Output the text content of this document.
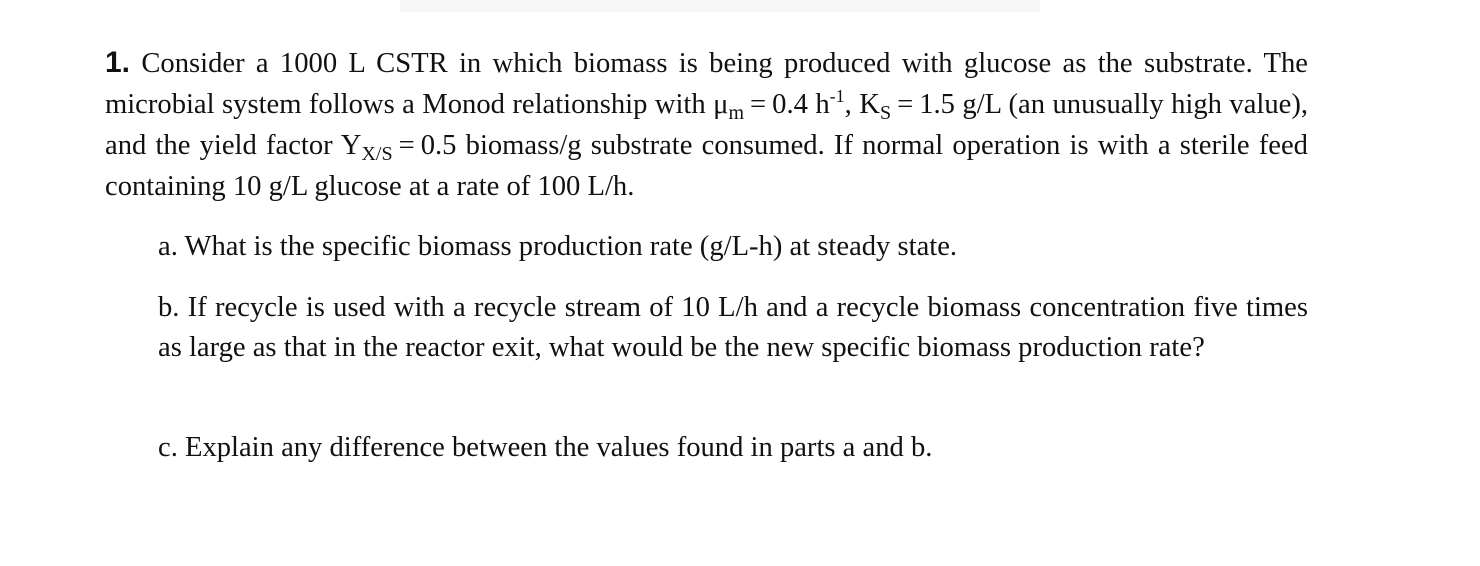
1. Consider a 1000 L CSTR in which biomass is being produced with glucose as the substrate. The microbial system follows a Monod relationship with $\mu_m = 0.4$ $h^{-1}$, $K_S = 1.5$ g/L (an unusually high value), and the yield factor $Y_{X/S} = 0.5$ biomass/g substrate consumed. If normal operation is with a sterile feed containing 10 g/L glucose at a rate of 100 L/h.
a. What is the specific biomass production rate (g/L-h) at steady state.
b. If recycle is used with a recycle stream of 10 L/h and a recycle biomass concentration five times as large as that in the reactor exit, what would be the new specific biomass production rate?
c. Explain any difference between the values found in parts a and b.
